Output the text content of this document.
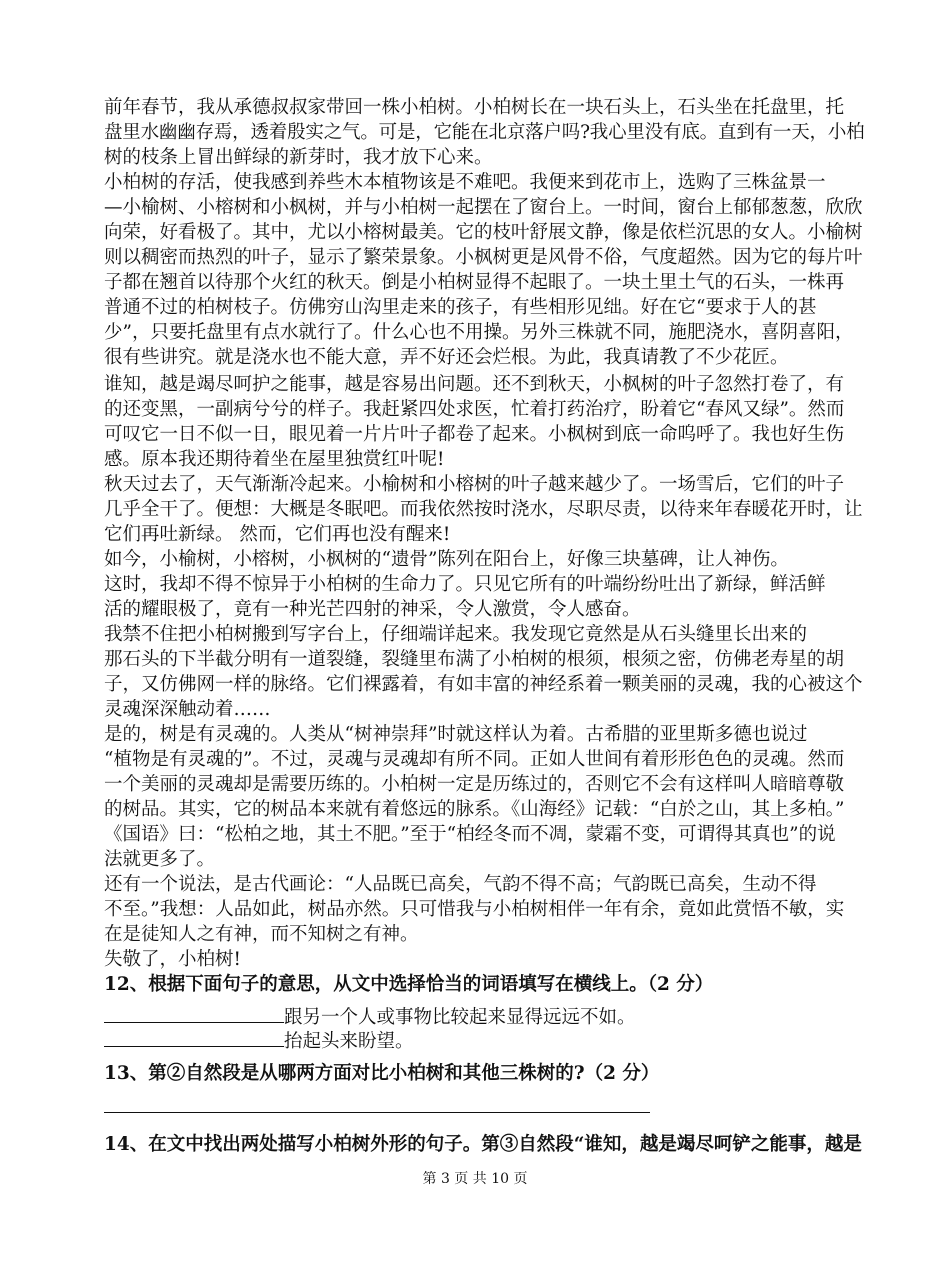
前年春节，我从承德叔叔家带回一株小柏树。小柏树长在一块石头上，石头坐在托盘里，托
盘里水幽幽存焉，透着殷实之气。可是，它能在北京落户吗?我心里没有底。直到有一天，小柏
树的枝条上冒出鲜绿的新芽时，我才放下心来。
小柏树的存活，使我感到养些木本植物该是不难吧。我便来到花市上，选购了三株盆景一
—小榆树、小榕树和小枫树，并与小柏树一起摆在了窗台上。一时间，窗台上郁郁葱葱，欣欣
向荣，好看极了。其中，尤以小榕树最美。它的枝叶舒展文静，像是依栏沉思的女人。小榆树
则以稠密而热烈的叶子，显示了繁荣景象。小枫树更是风骨不俗，气度超然。因为它的每片叶
子都在翘首以待那个火红的秋天。倒是小柏树显得不起眼了。一块土里土气的石头，一株再
普通不过的柏树枝子。仿佛穷山沟里走来的孩子，有些相形见绌。好在它“要求于人的甚
少”，只要托盘里有点水就行了。什么心也不用操。另外三株就不同，施肥浇水，喜阴喜阳，
很有些讲究。就是浇水也不能大意，弄不好还会烂根。为此，我真请教了不少花匠。
谁知，越是竭尽呵护之能事，越是容易出问题。还不到秋天，小枫树的叶子忽然打卷了，有
的还变黑，一副病兮兮的样子。我赶紧四处求医，忙着打药治疗，盼着它“春风又绿”。然而
可叹它一日不似一日，眼见着一片片叶子都卷了起来。小枫树到底一命呜呼了。我也好生伤
感。原本我还期待着坐在屋里独赏红叶呢!
秋天过去了，天气渐渐冷起来。小榆树和小榕树的叶子越来越少了。一场雪后，它们的叶子
几乎全干了。便想：大概是冬眠吧。而我依然按时浇水，尽职尽责，以待来年春暖花开时，让
它们再吐新绿。 然而，它们再也没有醒来!
如今，小榆树，小榕树，小枫树的“遗骨”陈列在阳台上，好像三块墓碑，让人神伤。
这时，我却不得不惊异于小柏树的生命力了。只见它所有的叶端纷纷吐出了新绿，鲜活鲜
活的耀眼极了，竟有一种光芒四射的神采，令人激赏，令人感奋。
我禁不住把小柏树搬到写字台上，仔细端详起来。我发现它竟然是从石头缝里长出来的
那石头的下半截分明有一道裂缝，裂缝里布满了小柏树的根须，根须之密，仿佛老寿星的胡
子，又仿佛网一样的脉络。它们裸露着，有如丰富的神经系着一颗美丽的灵魂，我的心被这个
灵魂深深触动着……
是的，树是有灵魂的。人类从“树神崇拜”时就这样认为着。古希腊的亚里斯多德也说过
“植物是有灵魂的”。不过，灵魂与灵魂却有所不同。正如人世间有着形形色色的灵魂。然而
一个美丽的灵魂却是需要历练的。小柏树一定是历练过的，否则它不会有这样叫人暗暗尊敬
的树品。其实，它的树品本来就有着悠远的脉系。《山海经》记载：“白於之山，其上多柏。”
《国语》曰：“松柏之地，其土不肥。”至于“柏经冬而不凋，蒙霜不变，可谓得其真也”的说
法就更多了。
还有一个说法，是古代画论：“人品既已高矣，气韵不得不高；气韵既已高矣，生动不得
不至。”我想：人品如此，树品亦然。只可惜我与小柏树相伴一年有余，竟如此赏悟不敏，实
在是徒知人之有神，而不知树之有神。
失敬了，小柏树!
12、根据下面句子的意思，从文中选择恰当的词语填写在横线上。（2 分）
跟另一个人或事物比较起来显得远远不如。
抬起头来盼望。
13、第②自然段是从哪两方面对比小柏树和其他三株树的?（2 分）
14、在文中找出两处描写小柏树外形的句子。第③自然段“谁知，越是竭尽呵铲之能事，越是
第 3 页 共 10 页
